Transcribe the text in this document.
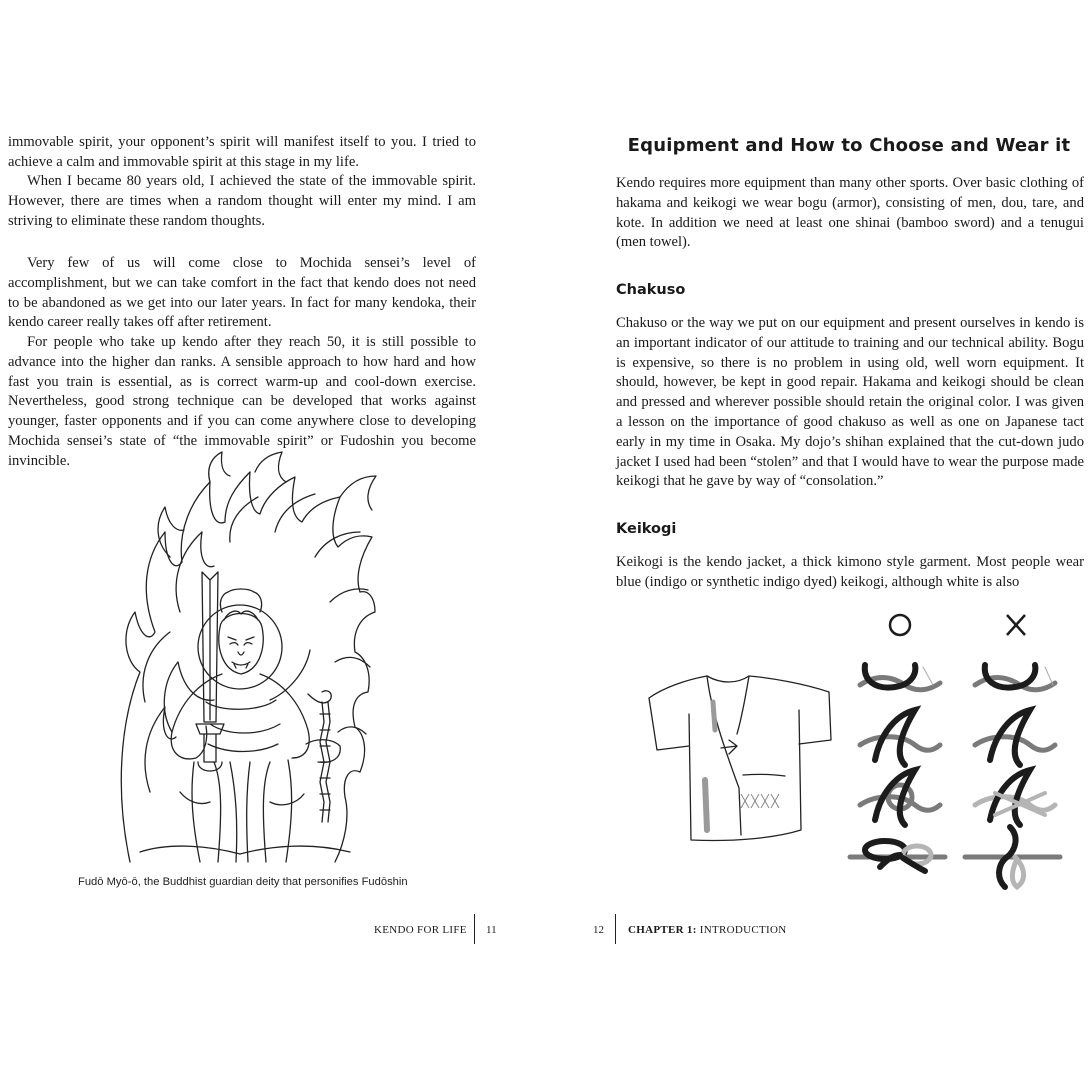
immovable spirit, your opponent’s spirit will manifest itself to you. I tried to achieve a calm and immovable spirit at this stage in my life.

When I became 80 years old, I achieved the state of the immovable spirit. However, there are times when a random thought will enter my mind. I am striving to eliminate these random thoughts.

Very few of us will come close to Mochida sensei’s level of accomplishment, but we can take comfort in the fact that kendo does not need to be abandoned as we get into our later years. In fact for many kendoka, their kendo career really takes off after retirement.

For people who take up kendo after they reach 50, it is still possible to advance into the higher dan ranks. A sensible approach to how hard and how fast you train is essential, as is correct warm-up and cool-down exercise. Nevertheless, good strong technique can be developed that works against younger, faster opponents and if you can come anywhere close to developing Mochida sensei’s state of “the immovable spirit” or Fudoshin you become invincible.

Fudō Myō-ō, the Buddhist guardian deity that personifies Fudōshin

KENDO FOR LIFE 11
Equipment and How to Choose and Wear it

Kendo requires more equipment than many other sports. Over basic clothing of hakama and keikogi we wear bogu (armor), consisting of men, dou, tare, and kote. In addition we need at least one shinai (bamboo sword) and a tenugui (men towel).

Chakuso

Chakuso or the way we put on our equipment and present ourselves in kendo is an important indicator of our attitude to training and our technical ability. Bogu is expensive, so there is no problem in using old, well worn equipment. It should, however, be kept in good repair. Hakama and keikogi should be clean and pressed and wherever possible should retain the original color. I was given a lesson on the importance of good chakuso as well as one on Japanese tact early in my time in Osaka. My dojo’s shihan explained that the cut-down judo jacket I used had been “stolen” and that I would have to wear the purpose made keikogi that he gave by way of “consolation.”

Keikogi

Keikogi is the kendo jacket, a thick kimono style garment. Most people wear blue (indigo or synthetic indigo dyed) keikogi, although white is also

12 CHAPTER 1: INTRODUCTION
